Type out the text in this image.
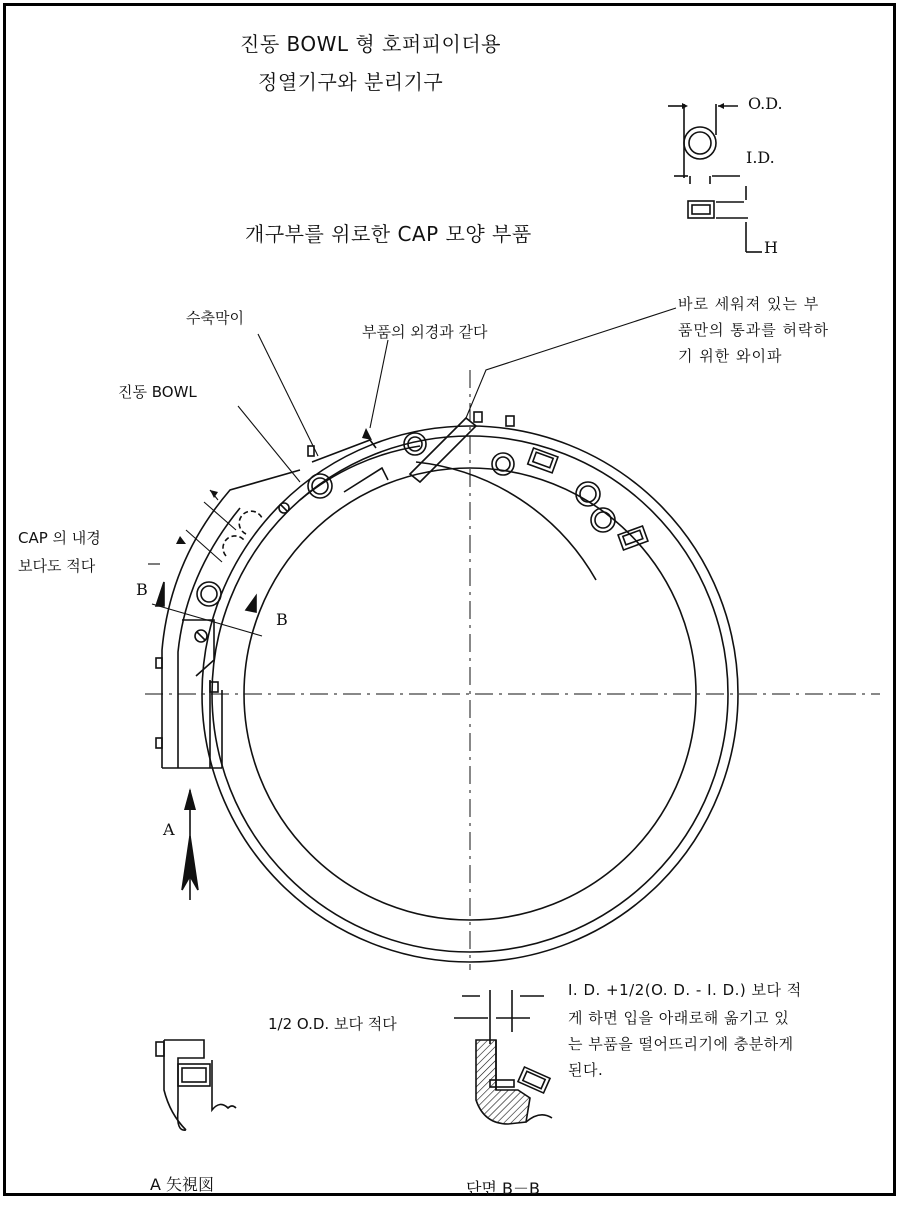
진동 BOWL 형 호퍼피이더용
정열기구와 분리기구
개구부를 위로한 CAP 모양 부품
O.D.
I.D.
H
수축막이
부품의 외경과 같다
바로 세워져 있는 부
품만의 통과를 허락하
기 위한 와이파
진동 BOWL
CAP 의 내경
보다도 적다
B
B
A
1/2 O.D. 보다 적다
I. D. +1/2(O. D. - I. D.) 보다 적
게 하면 입을 아래로해 옮기고 있
는 부품을 떨어뜨리기에 충분하게
된다.
A 矢視図	단면 B－B
